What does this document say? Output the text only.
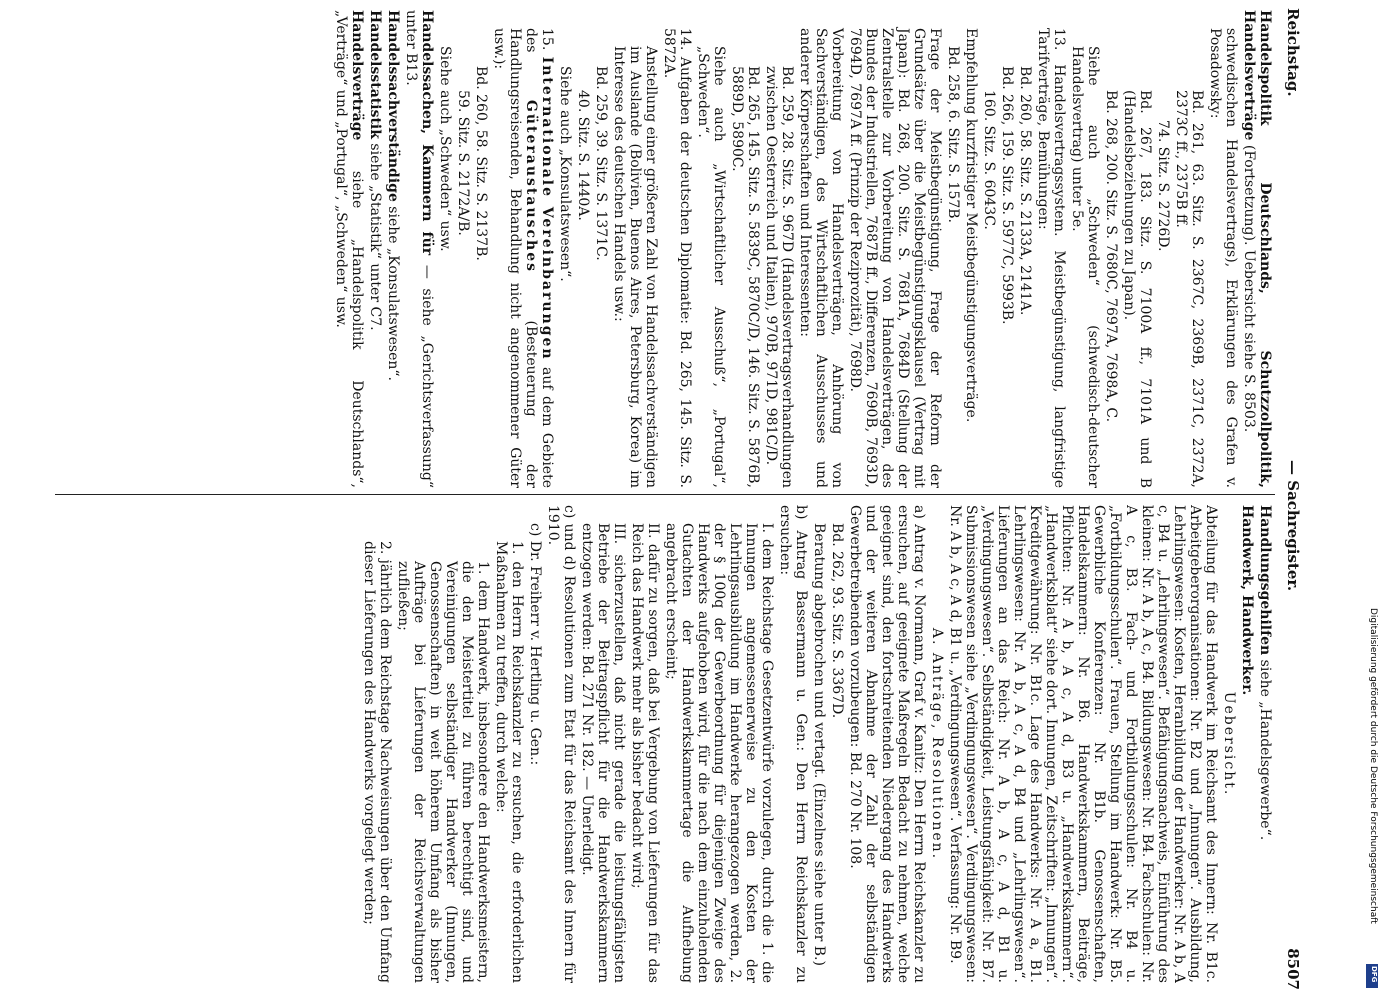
Reichstag.
— Sachregister.
8507
Handelspolitik Deutschlands, Schutzzollpolitik, Handelsverträge (Fortsetzung). Uebersicht siehe S. 8503.
schwedischen Handelsvertrags), Erklärungen des Grafen v. Posadowsky:
Bd. 261, 63. Sitz. S. 2367C, 2369B, 2371C, 2372A, 2373C ff., 2375B ff.
74. Sitz. S. 2726D.
Bd. 267, 183. Sitz. S. 7100A ff., 7101A und B (Handelsbeziehungen zu Japan).
Bd. 268, 200. Sitz. S. 7680C, 7697A, 7698A, C.
Siehe auch „Schweden“ (schwedisch-deutscher Handelsvertrag) unter 5e.
13. Handelsvertragssystem. Meistbegünstigung, langfristige Tarifverträge, Bemühungen:
Bd. 260, 58. Sitz. S. 2133A, 2141A.
Bd. 266, 159. Sitz. S. 5977C, 5993B.
160. Sitz. S. 6043C.
Empfehlung kurzfristiger Meistbegünstigungsverträge.
Bd. 258, 6. Sitz. S. 157B.
Frage der Meistbegünstigung, Frage der Reform der Grundsätze über die Meistbegünstigungsklausel (Vertrag mit Japan): Bd. 268, 200. Sitz. S. 7681A, 7684D (Stellung der Zentralstelle zur Vorbereitung von Handelsverträgen, des Bundes der Industriellen, 7687B ff., Differenzen, 7690B, 7693D, 7694D, 7697A ff. (Prinzip der Reziprozität), 7698D.
Vorbereitung von Handelsverträgen, Anhörung von Sachverständigen, des Wirtschaftlichen Ausschusses und anderer Körperschaften und Interessenten:
Bd. 259, 28. Sitz. S. 967D (Handelsvertragsverhandlungen zwischen Oesterreich und Italien), 970B, 971D, 981C/D.
Bd. 265, 145. Sitz. S. 5839C, 5870C/D, 146. Sitz. S. 5876B, 5889D, 5890C.
Siehe auch „Wirtschaftlicher Ausschuß“, „Portugal“, „Schweden“.
14. Aufgaben der deutschen Diplomatie: Bd. 265, 145. Sitz. S. 5872A.
Anstellung einer größeren Zahl von Handelssachverständigen im Auslande (Bolivien, Buenos Aires, Petersburg, Korea) im Interesse des deutschen Handels usw.:
Bd. 259, 39. Sitz. S. 1371C.
40. Sitz. S. 1440A.
Siehe auch „Konsulatswesen“.
15. Internationale Vereinbarungen auf dem Gebiete des Güteraustausches (Besteuerung der Handlungsreisenden, Behandlung nicht angenommener Güter usw.):
Bd. 260, 58. Sitz. S. 2137B.
59. Sitz. S. 2172A/B.
Siehe auch „Schweden“ usw.
Handelssachen, Kammern für — siehe „Gerichtsverfassung“ unter B13.
Handelssachverständige siehe „Konsulatswesen“.
Handelsstatistik siehe „Statistik“ unter C7.
Handelsverträge siehe „Handelspolitik Deutschlands“, „Verträge“ und „Portugal“, „Schweden“ usw.
Handlungsgehilfen siehe „Handelsgewerbe“.
Handwerk, Handwerker.
Uebersicht.
Abteilung für das Handwerk im Reichsamt des Innern: Nr. B1c. Arbeitgeberorganisationen: Nr. B2 und „Innungen“. Ausbildung, Lehrlingswesen: Kosten, Heranbildung der Handwerker: Nr. A b, A c, B4 u. „Lehrlingswesen“. Befähigungsnachweis, Einführung des kleinen: Nr. A b, A c, B4. Bildungswesen: Nr. B4. Fachschulen: Nr. A c, B3. Fach- und Fortbildungsschulen: Nr. B4 u. „Fortbildungsschulen“. Frauen, Stellung im Handwerk: Nr. B5. Gewerbliche Konferenzen: Nr. B1b. Genossenschaften, Handelskammern: Nr. B6. Handwerkskammern, Beiträge, Pflichten: Nr. A b, A c, A d, B3 u. „Handwerkskammern“. „Handwerksblatt“ siehe dort. Innungen, Zeitschriften: „Innungen“. Kreditgewährung: Nr. B1c. Lage des Handwerks: Nr. A a, B1. Lehrlingswesen: Nr. A b, A c, A d, B4 und „Lehrlingswesen“. Lieferungen an das Reich: Nr. A b, A c, A d, B1 u. „Verdingungswesen“. Selbständigkeit, Leistungsfähigkeit: Nr. B7. Submissionswesen siehe „Verdingungswesen“. Verdingungswesen: Nr. A b, A c, A d, B1 u. „Verdingungswesen“. Verfassung: Nr. B9.
A. Anträge, Resolutionen.
a) Antrag v. Normann, Graf v. Kanitz: Den Herrn Reichskanzler zu ersuchen, auf geeignete Maßregeln Bedacht zu nehmen, welche geeignet sind, den fortschreitenden Niedergang des Handwerks und der weiteren Abnahme der Zahl der selbständigen Gewerbetreibenden vorzubeugen: Bd. 270 Nr. 108.
Bd. 262, 93. Sitz. S. 3367D.
Beratung abgebrochen und vertagt. (Einzelnes siehe unter B.)
b) Antrag Bassermann u. Gen.: Den Herrn Reichskanzler zu ersuchen:
I. dem Reichstage Gesetzentwürfe vorzulegen, durch die 1. die Innungen angemessenerweise zu den Kosten der Lehrlingsausbildung im Handwerke herangezogen werden, 2. der § 100q der Gewerbeordnung für diejenigen Zweige des Handwerks aufgehoben wird, für die nach dem einzuholenden Gutachten der Handwerkskammertage die Aufhebung angebracht erscheint;
II. dafür zu sorgen, daß bei Vergebung von Lieferungen für das Reich das Handwerk mehr als bisher bedacht wird;
III. sicherzustellen, daß nicht gerade die leistungsfähigsten Betriebe der Beitragspflicht für die Handwerkskammern entzogen werden: Bd. 271 Nr. 182. — Unerledigt.
c) und d) Resolutionen zum Etat für das Reichsamt des Innern für 1910.
c) Dr. Freiherr v. Hertling u. Gen.:
1. den Herrn Reichskanzler zu ersuchen, die erforderlichen Maßnahmen zu treffen, durch welche:
1. dem Handwerk, insbesondere den Handwerksmeistern, die den Meistertitel zu führen berechtigt sind, und Vereinigungen selbständiger Handwerker (Innungen, Genossenschaften) in weit höherem Umfang als bisher Aufträge bei Lieferungen der Reichsverwaltungen zufließen;
2. jährlich dem Reichstage Nachweisungen über den Umfang dieser Lieferungen des Handwerks vorgelegt werden;	Digitalisierung gefördert durch die Deutsche Forschungsgemeinschaft
DFG
